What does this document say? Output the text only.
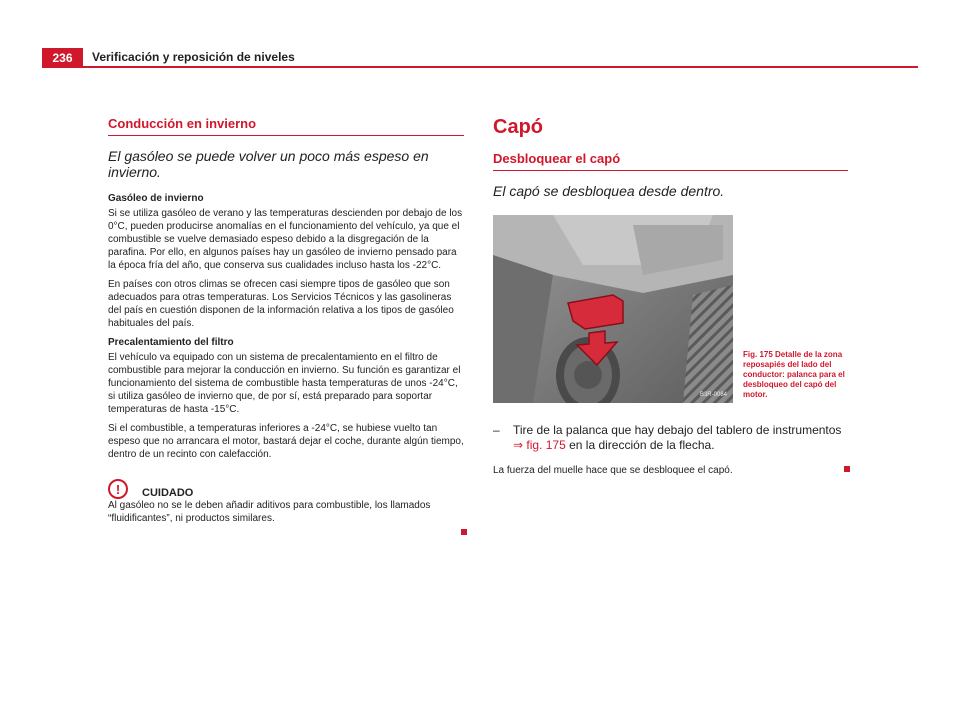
236	Verificación y reposición de niveles
Conducción en invierno

El gasóleo se puede volver un poco más espeso en invierno.

Gasóleo de invierno

Si se utiliza gasóleo de verano y las temperaturas descienden por debajo de los 0°C, pueden producirse anomalías en el funcionamiento del vehículo, ya que el combustible se vuelve demasiado espeso debido a la disgregación de la parafina. Por ello, en algunos países hay un gasóleo de invierno pensado para la época fría del año, que conserva sus cualidades incluso hasta los -22°C.

En países con otros climas se ofrecen casi siempre tipos de gasóleo que son adecuados para otras temperaturas. Los Servicios Técnicos y las gasolineras del país en cuestión disponen de la información relativa a los tipos de gasóleo habituales del país.

Precalentamiento del filtro

El vehículo va equipado con un sistema de precalentamiento en el filtro de combustible para mejorar la conducción en invierno. Su función es garantizar el funcionamiento del sistema de combustible hasta temperaturas de unos -24°C, si utiliza gasóleo de invierno que, de por sí, está preparado para soportar temperaturas de hasta -15°C.

Si el combustible, a temperaturas inferiores a -24°C, se hubiese vuelto tan espeso que no arrancara el motor, bastará dejar el coche, durante algún tiempo, dentro de un recinto con calefacción.

!	CUIDADO

Al gasóleo no se le deben añadir aditivos para combustible, los llamados “fluidificantes”, ni productos similares.

Capó
Desbloquear el capó

El capó se desbloquea desde dentro.

B3R-0084
Fig. 175 Detalle de la zona reposapiés del lado del conductor: palanca para el desbloqueo del capó del motor.
– Tire de la palanca que hay debajo del tablero de instrumentos ⇒ fig. 175 en la dirección de la flecha.
La fuerza del muelle hace que se desbloquee el capó.
